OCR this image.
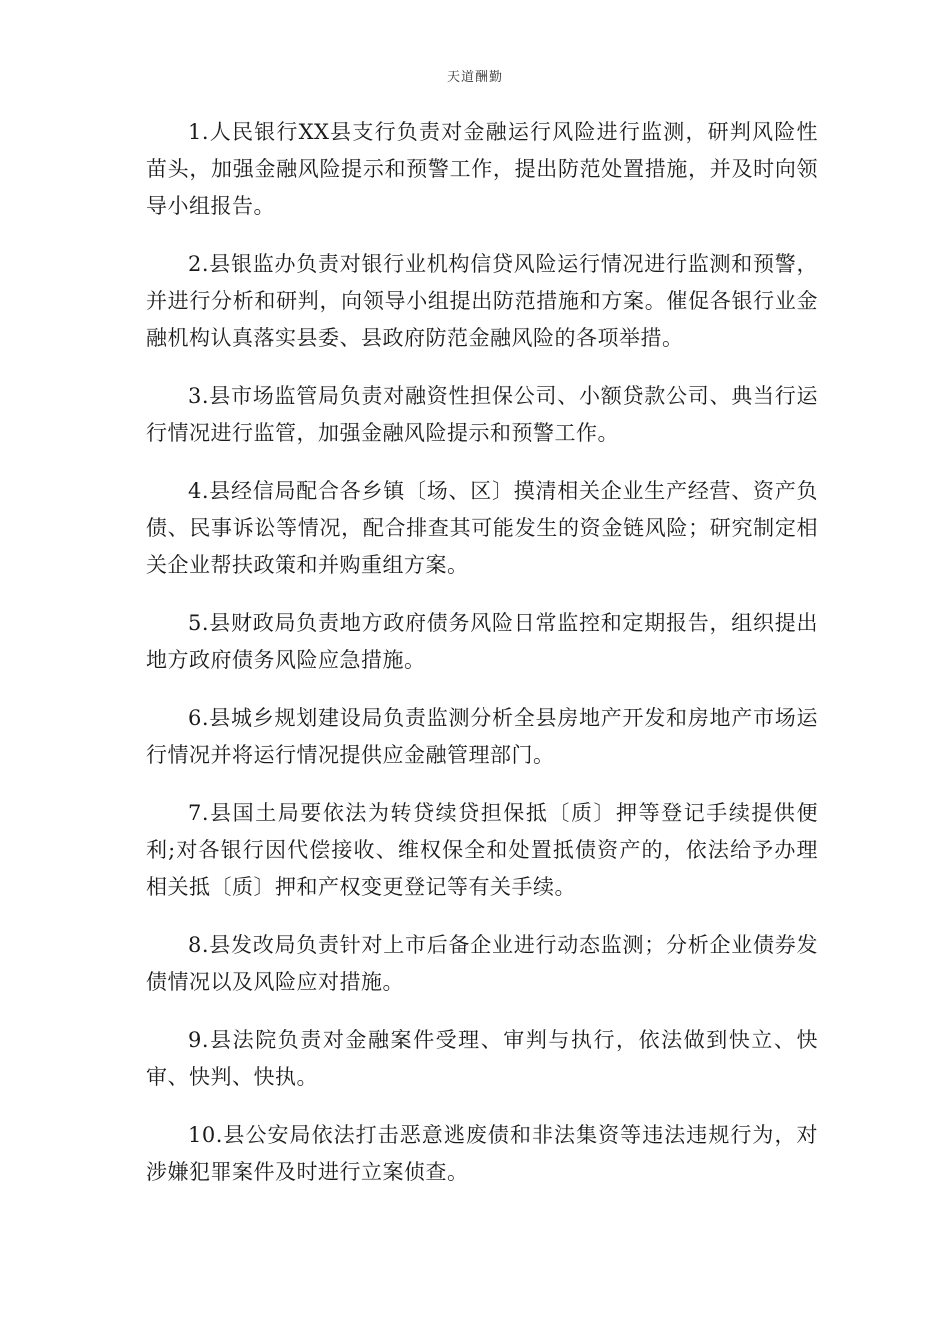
天道酬勤

1.人民银行XX县支行负责对金融运行风险进行监测，研判风险性苗头，加强金融风险提示和预警工作，提出防范处置措施，并及时向领导小组报告。

2.县银监办负责对银行业机构信贷风险运行情况进行监测和预警，并进行分析和研判，向领导小组提出防范措施和方案。催促各银行业金融机构认真落实县委、县政府防范金融风险的各项举措。

3.县市场监管局负责对融资性担保公司、小额贷款公司、典当行运行情况进行监管，加强金融风险提示和预警工作。

4.县经信局配合各乡镇〔场、区〕摸清相关企业生产经营、资产负债、民事诉讼等情况，配合排查其可能发生的资金链风险；研究制定相关企业帮扶政策和并购重组方案。

5.县财政局负责地方政府债务风险日常监控和定期报告，组织提出地方政府债务风险应急措施。

6.县城乡规划建设局负责监测分析全县房地产开发和房地产市场运行情况并将运行情况提供应金融管理部门。

7.县国土局要依法为转贷续贷担保抵〔质〕押等登记手续提供便利;对各银行因代偿接收、维权保全和处置抵债资产的，依法给予办理相关抵〔质〕押和产权变更登记等有关手续。

8.县发改局负责针对上市后备企业进行动态监测；分析企业债券发债情况以及风险应对措施。

9.县法院负责对金融案件受理、审判与执行，依法做到快立、快审、快判、快执。

10.县公安局依法打击恶意逃废债和非法集资等违法违规行为，对涉嫌犯罪案件及时进行立案侦查。
